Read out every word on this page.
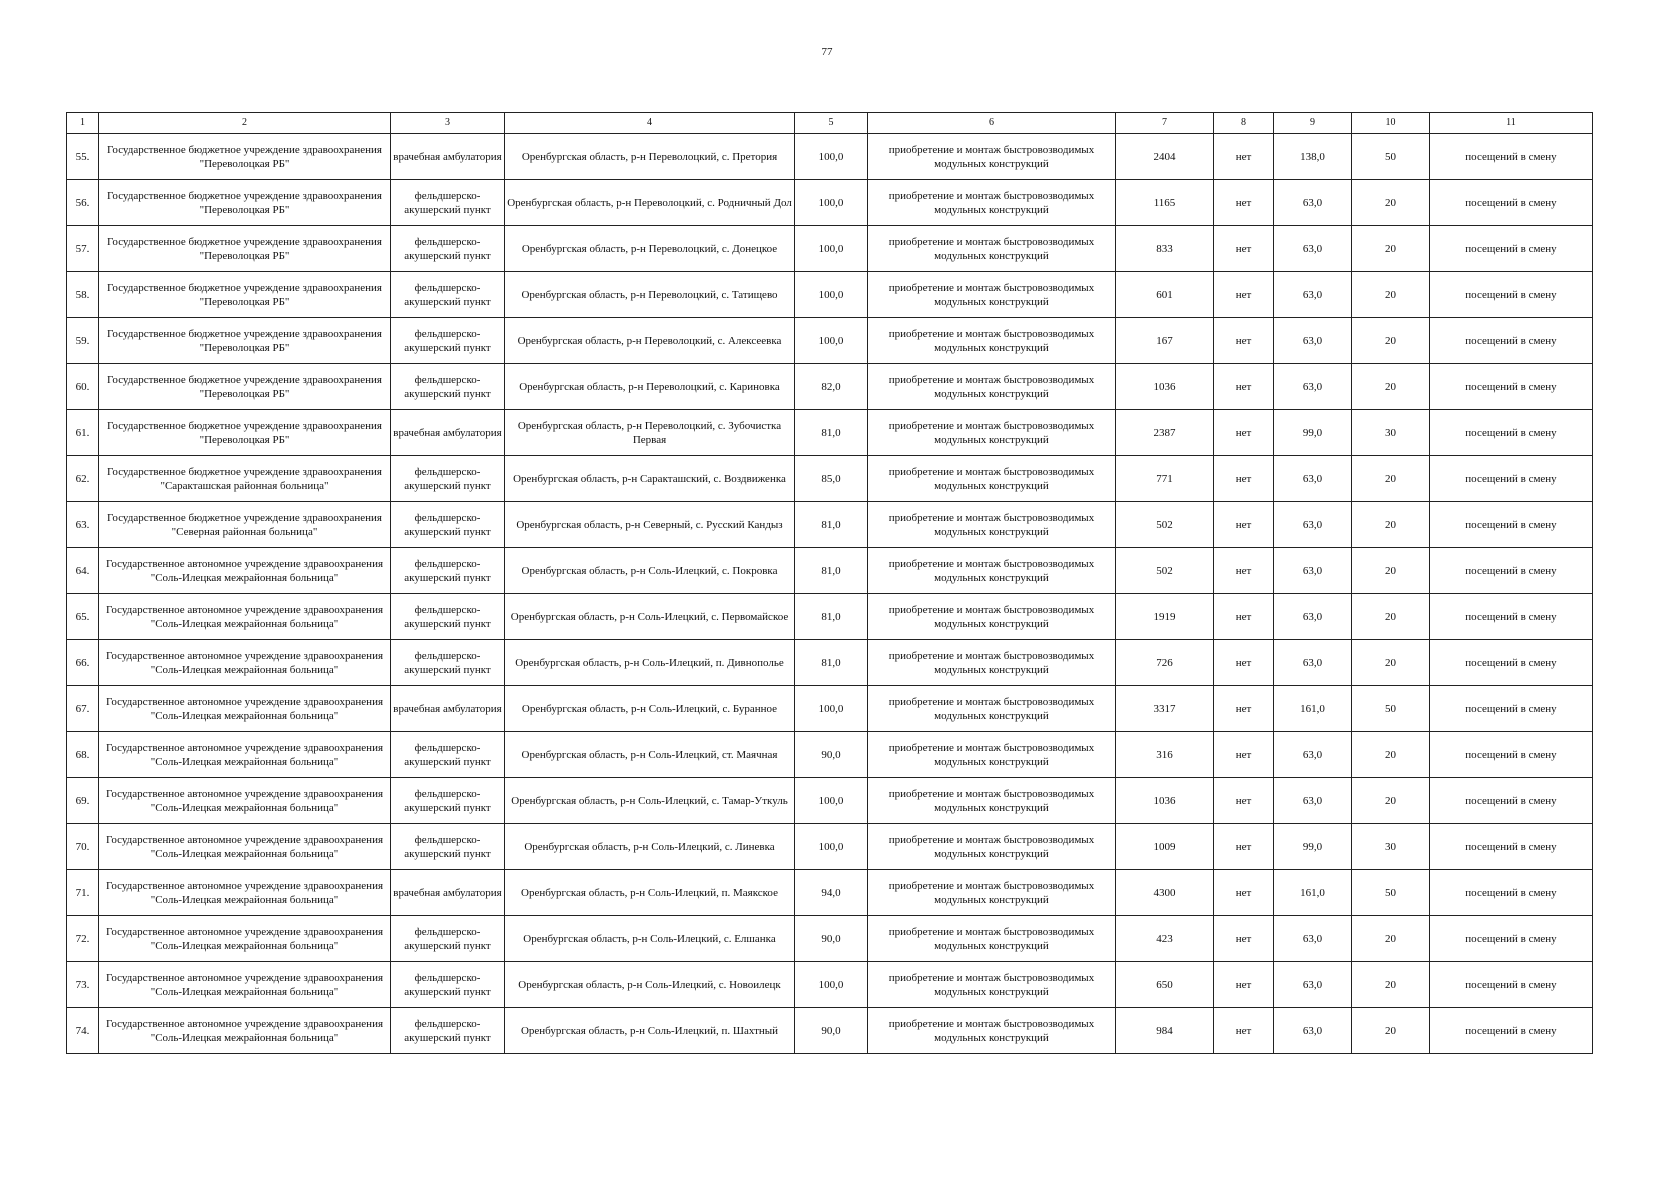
77
1	2	3	4	5	6	7	8	9	10	11
55.	Государственное бюджетное учреждение здравоохранения "Переволоцкая РБ"	врачебная амбулатория	Оренбургская область, р-н Переволоцкий, с. Претория	100,0	приобретение и монтаж быстровозводимых модульных конструкций	2404	нет	138,0	50	посещений в смену
56.	Государственное бюджетное учреждение здравоохранения "Переволоцкая РБ"	фельдшерско-акушерский пункт	Оренбургская область, р-н Переволоцкий, с. Родничный Дол	100,0	приобретение и монтаж быстровозводимых модульных конструкций	1165	нет	63,0	20	посещений в смену
57.	Государственное бюджетное учреждение здравоохранения "Переволоцкая РБ"	фельдшерско-акушерский пункт	Оренбургская область, р-н Переволоцкий, с. Донецкое	100,0	приобретение и монтаж быстровозводимых модульных конструкций	833	нет	63,0	20	посещений в смену
58.	Государственное бюджетное учреждение здравоохранения "Переволоцкая РБ"	фельдшерско-акушерский пункт	Оренбургская область, р-н Переволоцкий, с. Татищево	100,0	приобретение и монтаж быстровозводимых модульных конструкций	601	нет	63,0	20	посещений в смену
59.	Государственное бюджетное учреждение здравоохранения "Переволоцкая РБ"	фельдшерско-акушерский пункт	Оренбургская область, р-н Переволоцкий, с. Алексеевка	100,0	приобретение и монтаж быстровозводимых модульных конструкций	167	нет	63,0	20	посещений в смену
60.	Государственное бюджетное учреждение здравоохранения "Переволоцкая РБ"	фельдшерско-акушерский пункт	Оренбургская область, р-н Переволоцкий, с. Кариновка	82,0	приобретение и монтаж быстровозводимых модульных конструкций	1036	нет	63,0	20	посещений в смену
61.	Государственное бюджетное учреждение здравоохранения "Переволоцкая РБ"	врачебная амбулатория	Оренбургская область, р-н Переволоцкий, с. Зубочистка Первая	81,0	приобретение и монтаж быстровозводимых модульных конструкций	2387	нет	99,0	30	посещений в смену
62.	Государственное бюджетное учреждение здравоохранения "Саракташская районная больница"	фельдшерско-акушерский пункт	Оренбургская область, р-н Саракташский, с. Воздвиженка	85,0	приобретение и монтаж быстровозводимых модульных конструкций	771	нет	63,0	20	посещений в смену
63.	Государственное бюджетное учреждение здравоохранения "Северная районная больница"	фельдшерско-акушерский пункт	Оренбургская область, р-н Северный, с. Русский Кандыз	81,0	приобретение и монтаж быстровозводимых модульных конструкций	502	нет	63,0	20	посещений в смену
64.	Государственное автономное учреждение здравоохранения "Соль-Илецкая межрайонная больница"	фельдшерско-акушерский пункт	Оренбургская область, р-н Соль-Илецкий, с. Покровка	81,0	приобретение и монтаж быстровозводимых модульных конструкций	502	нет	63,0	20	посещений в смену
65.	Государственное автономное учреждение здравоохранения "Соль-Илецкая межрайонная больница"	фельдшерско-акушерский пункт	Оренбургская область, р-н Соль-Илецкий, с. Первомайское	81,0	приобретение и монтаж быстровозводимых модульных конструкций	1919	нет	63,0	20	посещений в смену
66.	Государственное автономное учреждение здравоохранения "Соль-Илецкая межрайонная больница"	фельдшерско-акушерский пункт	Оренбургская область, р-н Соль-Илецкий, п. Дивнополье	81,0	приобретение и монтаж быстровозводимых модульных конструкций	726	нет	63,0	20	посещений в смену
67.	Государственное автономное учреждение здравоохранения "Соль-Илецкая межрайонная больница"	врачебная амбулатория	Оренбургская область, р-н Соль-Илецкий, с. Буранное	100,0	приобретение и монтаж быстровозводимых модульных конструкций	3317	нет	161,0	50	посещений в смену
68.	Государственное автономное учреждение здравоохранения "Соль-Илецкая межрайонная больница"	фельдшерско-акушерский пункт	Оренбургская область, р-н Соль-Илецкий, ст. Маячная	90,0	приобретение и монтаж быстровозводимых модульных конструкций	316	нет	63,0	20	посещений в смену
69.	Государственное автономное учреждение здравоохранения "Соль-Илецкая межрайонная больница"	фельдшерско-акушерский пункт	Оренбургская область, р-н Соль-Илецкий, с. Тамар-Уткуль	100,0	приобретение и монтаж быстровозводимых модульных конструкций	1036	нет	63,0	20	посещений в смену
70.	Государственное автономное учреждение здравоохранения "Соль-Илецкая межрайонная больница"	фельдшерско-акушерский пункт	Оренбургская область, р-н Соль-Илецкий, с. Линевка	100,0	приобретение и монтаж быстровозводимых модульных конструкций	1009	нет	99,0	30	посещений в смену
71.	Государственное автономное учреждение здравоохранения "Соль-Илецкая межрайонная больница"	врачебная амбулатория	Оренбургская область, р-н Соль-Илецкий, п. Маякское	94,0	приобретение и монтаж быстровозводимых модульных конструкций	4300	нет	161,0	50	посещений в смену
72.	Государственное автономное учреждение здравоохранения "Соль-Илецкая межрайонная больница"	фельдшерско-акушерский пункт	Оренбургская область, р-н Соль-Илецкий, с. Елшанка	90,0	приобретение и монтаж быстровозводимых модульных конструкций	423	нет	63,0	20	посещений в смену
73.	Государственное автономное учреждение здравоохранения "Соль-Илецкая межрайонная больница"	фельдшерско-акушерский пункт	Оренбургская область, р-н Соль-Илецкий, с. Новоилецк	100,0	приобретение и монтаж быстровозводимых модульных конструкций	650	нет	63,0	20	посещений в смену
74.	Государственное автономное учреждение здравоохранения "Соль-Илецкая межрайонная больница"	фельдшерско-акушерский пункт	Оренбургская область, р-н Соль-Илецкий, п. Шахтный	90,0	приобретение и монтаж быстровозводимых модульных конструкций	984	нет	63,0	20	посещений в смену
